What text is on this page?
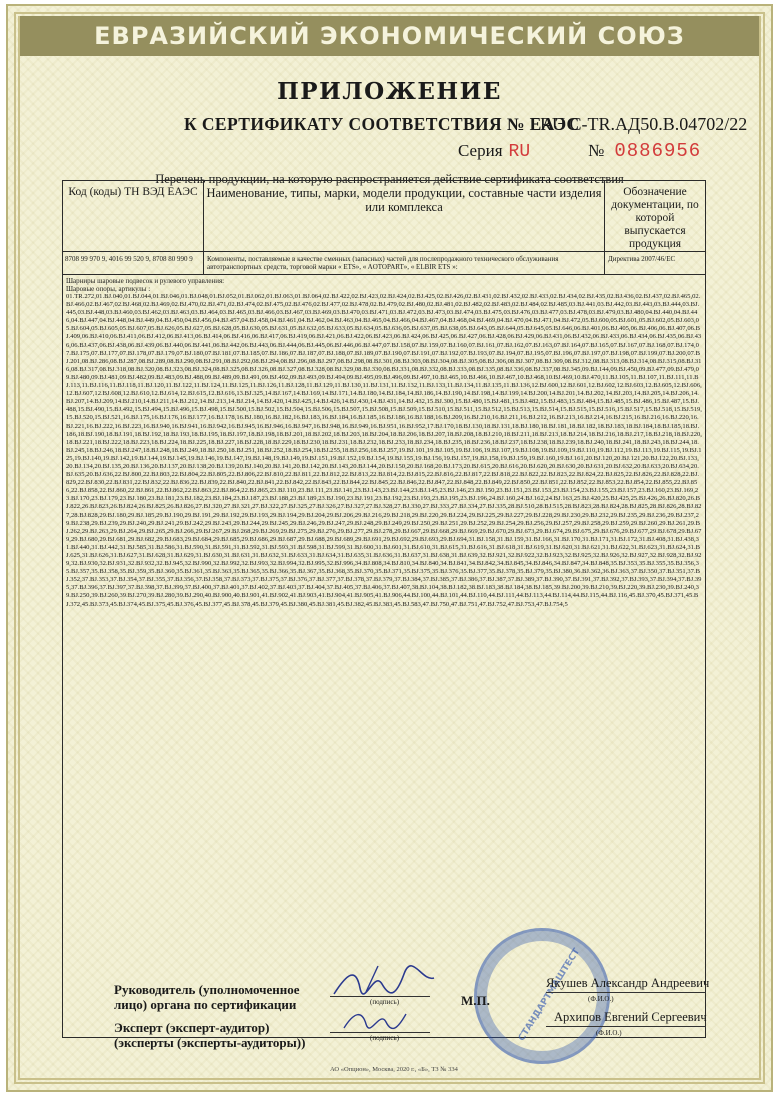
ЕВРАЗИЙСКИЙ ЭКОНОМИЧЕСКИЙ СОЮЗ
ПРИЛОЖЕНИЕ
К СЕРТИФИКАТУ СООТВЕТСТВИЯ № ЕАЭС
RU C-TR.АД50.В.04702/22
Серия RU	№ 0886956
Перечень продукции, на которую распространяется действие сертификата соответствия
Код (коды) ТН ВЭД ЕАЭС	Наименование, типы, марки, модели продукции, составные части изделия или комплекса	Обозначение документации, по которой выпускается продукция
8708 99 970 9, 4016 99 520 9, 8708 80 990 9	Компоненты, поставляемые в качестве сменных (запасных) частей для послепродажного технического обслуживания автотранспортных средств, торговой марки « ETS», « AOTOPART», « ELBIR ETS »:	Директива 2007/46/ЕС

Шарниры шаровые подвесок и рулевого управления:
Шаровые опоры, артикулы :
01.TR.272,01.BJ.040,01.BJ.044,01.BJ.046,01.BJ.048,01.BJ.052,01.BJ.062,01.BJ.063,01.BJ.064,02.BJ.422,02.BJ.423,02.BJ.424,02.BJ.425,02.BJ.426,02.BJ.431,02.BJ.432,02.BJ.433,02.BJ.434,02.BJ.435,02.BJ.436,02.BJ.437,02.BJ.465,02.BJ.466,02.BJ.467,02.BJ.468,02.BJ.469,02.BJ.470,02.BJ.471,02.BJ.474,02.BJ.475,02.BJ.476,02.BJ.477,02.BJ.478,02.BJ.479,02.BJ.480,02.BJ.481,02.BJ.482,02.BJ.483,02.BJ.484,02.BJ.485,03.BJ.441,03.BJ.442,03.BJ.443,03.BJ.444,03.BJ.445,03.BJ.448,03.BJ.460,03.BJ.462,03.BJ.463,03.BJ.464,03.BJ.465,03.BJ.466,03.BJ.467,03.BJ.469,03.BJ.470,03.BJ.471,03.BJ.472,03.BJ.473,03.BJ.474,03.BJ.475,03.BJ.476,03.BJ.477,03.BJ.478,03.BJ.479,03.BJ.480,04.BJ.440,04.BJ.446,04.BJ.447,04.BJ.448,04.BJ.449,04.BJ.450,04.BJ.456,04.BJ.457,04.BJ.458,04.BJ.461,04.BJ.462,04.BJ.463,04.BJ.465,04.BJ.466,04.BJ.467,04.BJ.468,04.BJ.469,04.BJ.470,04.BJ.471,04.BJ.472,05.BJ.600,05.BJ.601,05.BJ.602,05.BJ.603,05.BJ.604,05.BJ.605,05.BJ.607,05.BJ.626,05.BJ.627,05.BJ.628,05.BJ.630,05.BJ.631,05.BJ.632,05.BJ.633,05.BJ.634,05.BJ.636,05.BJ.637,05.BJ.638,05.BJ.643,05.BJ.644,05.BJ.645,05.BJ.646,06.BJ.401,06.BJ.405,06.BJ.406,06.BJ.407,06.BJ.409,06.BJ.410,06.BJ.411,06.BJ.412,06.BJ.413,06.BJ.414,06.BJ.416,06.BJ.417,06.BJ.419,06.BJ.421,06.BJ.422,06.BJ.423,06.BJ.424,06.BJ.425,06.BJ.427,06.BJ.428,06.BJ.429,06.BJ.431,06.BJ.432,06.BJ.433,06.BJ.434,06.BJ.435,06.BJ.436,06.BJ.437,06.BJ.438,06.BJ.439,06.BJ.440,06.BJ.441,06.BJ.442,06.BJ.443,06.BJ.444,06.BJ.445,06.BJ.446,06.BJ.447,07.BJ.158,07.BJ.159,07.BJ.160,07.BJ.161,07.BJ.162,07.BJ.163,07.BJ.164,07.BJ.165,07.BJ.167,07.BJ.168,07.BJ.174,07.BJ.175,07.BJ.177,07.BJ.178,07.BJ.179,07.BJ.180,07.BJ.181,07.BJ.185,07.BJ.186,07.BJ.187,07.BJ.188,07.BJ.189,07.BJ.190,07.BJ.191,07.BJ.192,07.BJ.193,07.BJ.194,07.BJ.195,07.BJ.196,07.BJ.197,07.BJ.198,07.BJ.199,07.BJ.200,07.BJ.201,08.BJ.286,08.BJ.287,08.BJ.289,08.BJ.290,08.BJ.291,08.BJ.292,08.BJ.294,08.BJ.296,08.BJ.297,08.BJ.298,08.BJ.301,08.BJ.303,08.BJ.304,08.BJ.305,08.BJ.306,08.BJ.307,08.BJ.309,08.BJ.312,08.BJ.313,08.BJ.314,08.BJ.315,08.BJ.316,08.BJ.317,08.BJ.318,08.BJ.320,08.BJ.323,08.BJ.324,08.BJ.325,08.BJ.326,08.BJ.327,08.BJ.328,08.BJ.329,08.BJ.330,08.BJ.331,08.BJ.332,08.BJ.333,08.BJ.335,08.BJ.336,08.BJ.337,08.BJ.345,09.BJ.144,09.BJ.450,09.BJ.477,09.BJ.479,09.BJ.480,09.BJ.481,09.BJ.482,09.BJ.483,09.BJ.488,09.BJ.489,09.BJ.491,09.BJ.492,09.BJ.493,09.BJ.494,09.BJ.495,09.BJ.496,09.BJ.497,10.BJ.465,10.BJ.466,10.BJ.467,10.BJ.468,10.BJ.469,10.BJ.470,11.BJ.105,11.BJ.107,11.BJ.111,11.BJ.113,11.BJ.116,11.BJ.118,11.BJ.120,11.BJ.122,11.BJ.124,11.BJ.125,11.BJ.126,11.BJ.128,11.BJ.129,11.BJ.130,11.BJ.131,11.BJ.132,11.BJ.133,11.BJ.134,11.BJ.135,11.BJ.136,12.BJ.600,12.BJ.601,12.BJ.602,12.BJ.603,12.BJ.605,12.BJ.606,12.BJ.607,12.BJ.608,12.BJ.610,12.BJ.614,12.BJ.615,12.BJ.616,13.BJ.325,14.BJ.167,14.BJ.169,14.BJ.171,14.BJ.180,14.BJ.184,14.BJ.186,14.BJ.190,14.BJ.198,14.BJ.199,14.BJ.200,14.BJ.201,14.BJ.202,14.BJ.203,14.BJ.205,14.BJ.206,14.BJ.207,14.BJ.209,14.BJ.210,14.BJ.211,14.BJ.212,14.BJ.213,14.BJ.214,14.BJ.420,14.BJ.425,14.BJ.426,14.BJ.430,14.BJ.431,14.BJ.432,15.BJ.300,15.BJ.480,15.BJ.481,15.BJ.482,15.BJ.483,15.BJ.484,15.BJ.485,15.BJ.486,15.BJ.487,15.BJ.488,15.BJ.490,15.BJ.492,15.BJ.494,15.BJ.496,15.BJ.498,15.BJ.500,15.BJ.502,15.BJ.504,15.BJ.506,15.BJ.507,15.BJ.508,15.BJ.509,15.BJ.510,15.BJ.511,15.BJ.512,15.BJ.513,15.BJ.514,15.BJ.515,15.BJ.516,15.BJ.517,15.BJ.518,15.BJ.519,15.BJ.520,15.BJ.521,16.BJ.175,16.BJ.176,16.BJ.177,16.BJ.178,16.BJ.180,16.BJ.182,16.BJ.183,16.BJ.184,16.BJ.185,16.BJ.186,16.BJ.188,16.BJ.209,16.BJ.210,16.BJ.211,16.BJ.212,16.BJ.213,16.BJ.214,16.BJ.215,16.BJ.216,16.BJ.220,16.BJ.221,16.BJ.222,16.BJ.223,16.BJ.940,16.BJ.941,16.BJ.942,16.BJ.945,16.BJ.946,16.BJ.947,16.BJ.948,16.BJ.949,16.BJ.951,16.BJ.952,17.BJ.170,18.BJ.130,18.BJ.131,18.BJ.180,18.BJ.181,18.BJ.182,18.BJ.183,18.BJ.184,18.BJ.185,18.BJ.186,18.BJ.190,18.BJ.191,18.BJ.192,18.BJ.193,18.BJ.195,18.BJ.197,18.BJ.198,18.BJ.201,18.BJ.202,18.BJ.203,18.BJ.204,18.BJ.206,18.BJ.207,18.BJ.208,18.BJ.210,18.BJ.211,18.BJ.213,18.BJ.214,18.BJ.216,18.BJ.217,18.BJ.218,18.BJ.220,18.BJ.221,18.BJ.222,18.BJ.223,18.BJ.224,18.BJ.225,18.BJ.227,18.BJ.228,18.BJ.229,18.BJ.230,18.BJ.231,18.BJ.232,18.BJ.233,18.BJ.234,18.BJ.235,18.BJ.236,18.BJ.237,18.BJ.238,18.BJ.239,18.BJ.240,18.BJ.241,18.BJ.243,18.BJ.244,18.BJ.245,18.BJ.246,18.BJ.247,18.BJ.248,18.BJ.249,18.BJ.250,18.BJ.251,18.BJ.252,18.BJ.254,18.BJ.255,18.BJ.256,18.BJ.257,19.BJ.101,19.BJ.105,19.BJ.106,19.BJ.107,19.BJ.108,19.BJ.109,19.BJ.110,19.BJ.112,19.BJ.113,19.BJ.115,19.BJ.125,19.BJ.140,19.BJ.142,19.BJ.144,19.BJ.145,19.BJ.146,19.BJ.147,19.BJ.148,19.BJ.149,19.BJ.151,19.BJ.152,19.BJ.154,19.BJ.155,19.BJ.156,19.BJ.157,19.BJ.158,19.BJ.159,19.BJ.160,19.BJ.161,20.BJ.120,20.BJ.121,20.BJ.122,20.BJ.133,20.BJ.134,20.BJ.135,20.BJ.136,20.BJ.137,20.BJ.138,20.BJ.139,20.BJ.140,20.BJ.141,20.BJ.142,20.BJ.143,20.BJ.144,20.BJ.150,20.BJ.168,20.BJ.173,20.BJ.615,20.BJ.616,20.BJ.620,20.BJ.630,20.BJ.631,20.BJ.632,20.BJ.633,20.BJ.634,20.BJ.635,20.BJ.636,22.BJ.800,22.BJ.803,22.BJ.804,22.BJ.805,22.BJ.806,22.BJ.810,22.BJ.811,22.BJ.812,22.BJ.813,22.BJ.814,22.BJ.815,22.BJ.816,22.BJ.817,22.BJ.818,22.BJ.822,22.BJ.823,22.BJ.824,22.BJ.825,22.BJ.826,22.BJ.828,22.BJ.829,22.BJ.830,22.BJ.831,22.BJ.832,22.BJ.836,22.BJ.839,22.BJ.840,22.BJ.841,22.BJ.842,22.BJ.843,22.BJ.844,22.BJ.845,22.BJ.846,22.BJ.847,22.BJ.848,22.BJ.849,22.BJ.850,22.BJ.851,22.BJ.852,22.BJ.853,22.BJ.854,22.BJ.855,22.BJ.856,22.BJ.858,22.BJ.860,22.BJ.861,22.BJ.862,22.BJ.863,22.BJ.864,22.BJ.865,23.BJ.110,23.BJ.111,23.BJ.141,23.BJ.143,23.BJ.144,23.BJ.145,23.BJ.146,23.BJ.150,23.BJ.151,23.BJ.153,23.BJ.154,23.BJ.155,23.BJ.157,23.BJ.160,23.BJ.169,23.BJ.170,23.BJ.179,23.BJ.180,23.BJ.181,23.BJ.182,23.BJ.184,23.BJ.187,23.BJ.188,23.BJ.189,23.BJ.190,23.BJ.191,23.BJ.192,23.BJ.193,23.BJ.195,23.BJ.196,24.BJ.160,24.BJ.162,24.BJ.163,25.BJ.420,25.BJ.425,25.BJ.426,26.BJ.820,26.BJ.822,26.BJ.823,26.BJ.824,26.BJ.825,26.BJ.826,27.BJ.320,27.BJ.321,27.BJ.322,27.BJ.325,27.BJ.326,27.BJ.327,27.BJ.328,27.BJ.330,27.BJ.333,27.BJ.334,27.BJ.335,28.BJ.510,28.BJ.515,28.BJ.823,28.BJ.824,28.BJ.825,28.BJ.826,28.BJ.827,28.BJ.828,29.BJ.180,29.BJ.185,29.BJ.190,29.BJ.191,29.BJ.192,29.BJ.193,29.BJ.194,29.BJ.204,29.BJ.206,29.BJ.216,29.BJ.218,29.BJ.220,29.BJ.224,29.BJ.225,29.BJ.227,29.BJ.228,29.BJ.230,29.BJ.232,29.BJ.235,29.BJ.236,29.BJ.237,29.BJ.238,29.BJ.239,29.BJ.240,29.BJ.241,29.BJ.242,29.BJ.243,29.BJ.244,29.BJ.245,29.BJ.246,29.BJ.247,29.BJ.248,29.BJ.249,29.BJ.250,29.BJ.251,29.BJ.252,29.BJ.254,29.BJ.256,29.BJ.257,29.BJ.258,29.BJ.259,29.BJ.260,29.BJ.261,29.BJ.262,29.BJ.263,29.BJ.264,29.BJ.265,29.BJ.266,29.BJ.267,29.BJ.268,29.BJ.269,29.BJ.275,29.BJ.276,29.BJ.277,29.BJ.278,29.BJ.667,29.BJ.668,29.BJ.669,29.BJ.670,29.BJ.673,29.BJ.674,29.BJ.675,29.BJ.676,29.BJ.677,29.BJ.678,29.BJ.679,29.BJ.680,29.BJ.681,29.BJ.682,29.BJ.683,29.BJ.684,29.BJ.685,29.BJ.686,29.BJ.687,29.BJ.688,29.BJ.689,29.BJ.691,29.BJ.692,29.BJ.693,29.BJ.694,31.BJ.158,31.BJ.159,31.BJ.166,31.BJ.170,31.BJ.171,31.BJ.172,31.BJ.408,31.BJ.438,31.BJ.440,31.BJ.442,31.BJ.585,31.BJ.586,31.BJ.590,31.BJ.591,31.BJ.592,31.BJ.593,31.BJ.598,31.BJ.599,31.BJ.600,31.BJ.601,31.BJ.610,31.BJ.615,31.BJ.616,31.BJ.618,31.BJ.619,31.BJ.620,31.BJ.621,31.BJ.622,31.BJ.623,31.BJ.624,31.BJ.625,31.BJ.626,31.BJ.627,31.BJ.628,31.BJ.629,31.BJ.630,31.BJ.631,31.BJ.632,31.BJ.633,31.BJ.634,31.BJ.635,31.BJ.636,31.BJ.637,31.BJ.638,31.BJ.639,32.BJ.921,32.BJ.922,32.BJ.923,32.BJ.925,32.BJ.926,32.BJ.927,32.BJ.928,32.BJ.929,32.BJ.930,32.BJ.931,32.BJ.932,32.BJ.945,32.BJ.990,32.BJ.992,32.BJ.993,32.BJ.994,32.BJ.995,32.BJ.996,34.BJ.808,34.BJ.810,34.BJ.840,34.BJ.841,34.BJ.842,34.BJ.845,34.BJ.846,34.BJ.847,34.BJ.848,35.BJ.353,35.BJ.355,35.BJ.356,35.BJ.357,35.BJ.358,35.BJ.359,35.BJ.360,35.BJ.361,35.BJ.363,35.BJ.365,35.BJ.366,35.BJ.367,35.BJ.368,35.BJ.370,35.BJ.371,35.BJ.375,35.BJ.376,35.BJ.377,35.BJ.378,35.BJ.379,35.BJ.380,36.BJ.362,36.BJ.363,37.BJ.350,37.BJ.351,37.BJ.352,37.BJ.353,37.BJ.354,37.BJ.355,37.BJ.356,37.BJ.358,37.BJ.373,37.BJ.375,37.BJ.376,37.BJ.377,37.BJ.378,37.BJ.379,37.BJ.384,37.BJ.385,37.BJ.386,37.BJ.387,37.BJ.389,37.BJ.390,37.BJ.391,37.BJ.392,37.BJ.393,37.BJ.394,37.BJ.395,37.BJ.396,37.BJ.397,37.BJ.398,37.BJ.399,37.BJ.400,37.BJ.401,37.BJ.402,37.BJ.403,37.BJ.404,37.BJ.405,37.BJ.406,37.BJ.407,38.BJ.104,38.BJ.182,38.BJ.183,38.BJ.184,38.BJ.185,39.BJ.200,39.BJ.210,39.BJ.220,39.BJ.230,39.BJ.240,39.BJ.250,39.BJ.260,39.BJ.270,39.BJ.280,39.BJ.290,40.BJ.900,40.BJ.901,41.BJ.902,41.BJ.903,41.BJ.904,41.BJ.905,41.BJ.906,44.BJ.100,44.BJ.101,44.BJ.110,44.BJ.111,44.BJ.113,44.BJ.114,44.BJ.115,44.BJ.116,45.BJ.370,45.BJ.371,45.BJ.372,45.BJ.373,45.BJ.374,45.BJ.375,45.BJ.376,45.BJ.377,45.BJ.378,45.BJ.379,45.BJ.380,45.BJ.381,45.BJ.382,45.BJ.383,45.BJ.583,47.BJ.750,47.BJ.751,47.BJ.752,47.BJ.753,47.BJ.754,5		
СТАНДАРТМАШТЕСТ
Руководитель (уполномоченное лицо) органа по сертификации	(подпись)	М.П.
Якушев Александр Андреевич
(Ф.И.О.)
Эксперт (эксперт-аудитор) (эксперты (эксперты-аудиторы))	(подпись)
Архипов Евгений Сергеевич
(Ф.И.О.)
АО «Опцион», Москва, 2020 г., «Б», ТЗ № 334
